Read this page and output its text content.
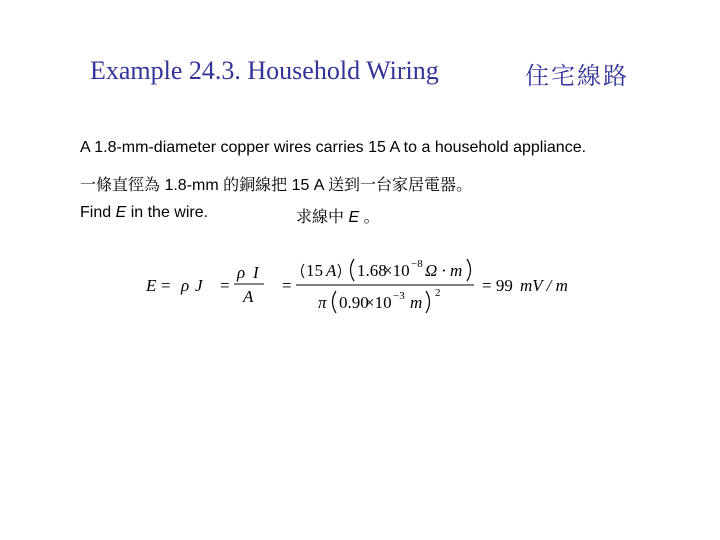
Example 24.3. Household Wiring	住宅線路
A 1.8-mm-diameter copper wires carries 15 A to a household appliance.
一條直徑為 1.8-mm 的銅線把 15 A 送到一台家居電器。
Find E in the wire.	求線中 E 。
E = ρ J =
ρ I
A
=
15 A 1.68
×10 −8 Ω · m
π 0.90
×10 −3 m 2 = 99 mV / m
